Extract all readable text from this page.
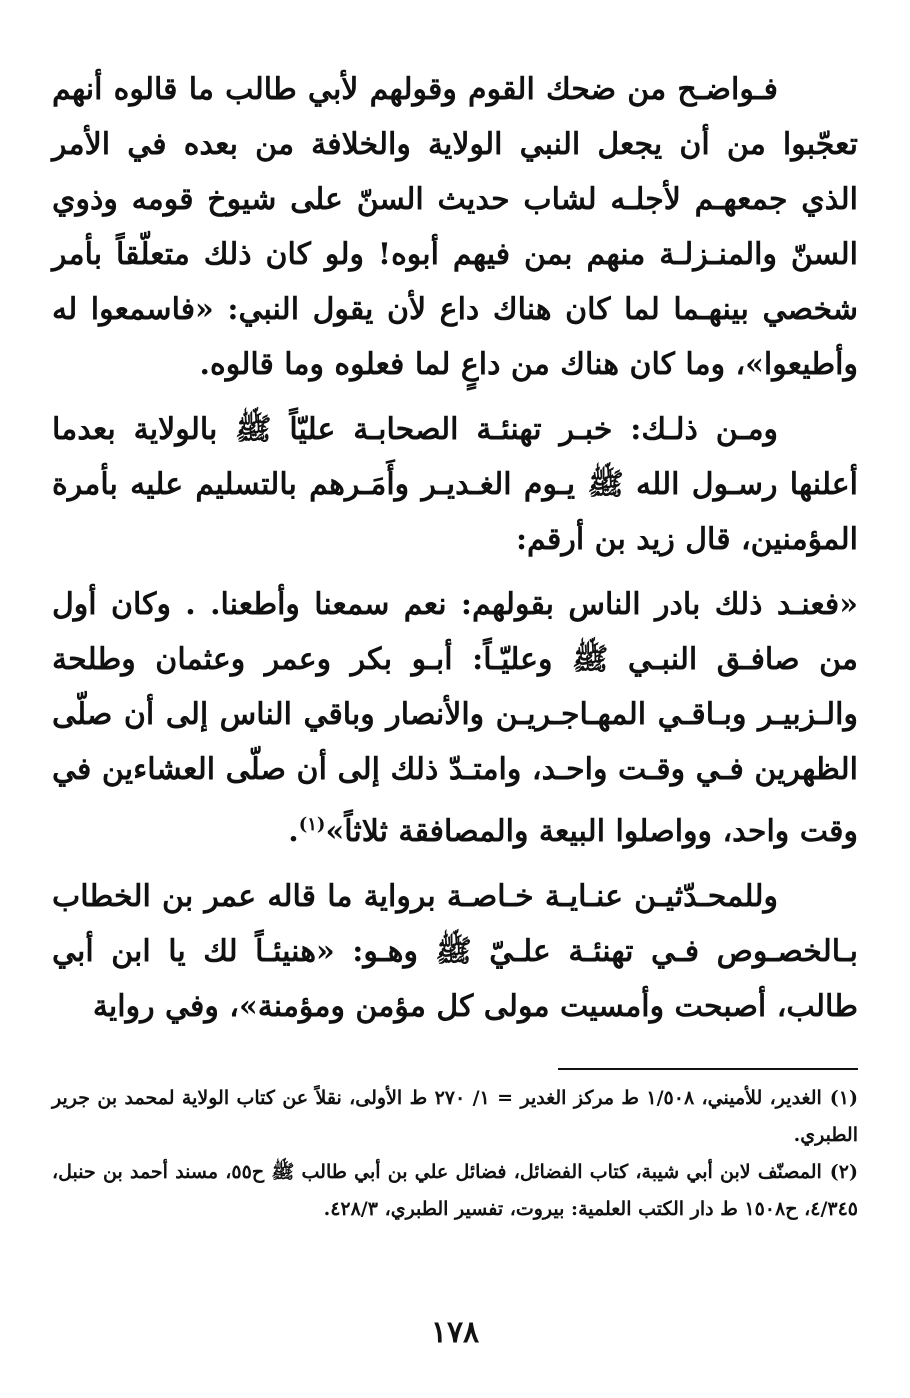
فـواضـح من ضحك القوم وقولهم لأبي طالب ما قالوه أنهم تعجّبوا من أن يجعل النبي الولاية والخلافة من بعده في الأمر الذي جمعهـم لأجلـه لشاب حديث السنّ على شيوخ قومه وذوي السنّ والمنـزلـة منهم بمن فيهم أبوه! ولو كان ذلك متعلّقاً بأمر شخصي بينهـما لما كان هناك داع لأن يقول النبي: «فاسمعوا له وأطيعوا»، وما كان هناك من داعٍ لما فعلوه وما قالوه.

ومـن ذلـك: خبـر تهنئـة الصحابـة عليّاً ﷺ بالولاية بعدما أعلنها رسـول الله ﷺ يـوم الغـديـر وأَمَـرهم بالتسليم عليه بأمرة المؤمنين، قال زيد بن أرقم:

«فعنـد ذلك بادر الناس بقولهم: نعم سمعنا وأطعنا. . وكان أول من صافـق النبـي ﷺ وعليّـاً: أبـو بكر وعمر وعثمان وطلحة والـزبيـر وبـاقـي المهـاجـريـن والأنصار وباقي الناس إلى أن صلّى الظهرين فـي وقـت واحـد، وامتـدّ ذلك إلى أن صلّى العشاءين في وقت واحد، وواصلوا البيعة والمصافقة ثلاثاً»$^{(١)}$.

وللمحـدّثيـن عنـايـة خـاصـة برواية ما قاله عمر بن الخطاب بـالخصـوص فـي تهنئـة علـيّ ﷺ وهـو: «هنيئـاً لك يا ابن أبي طالب، أصبحت وأمسيت مولى كل مؤمن ومؤمنة»، وفي رواية

(١)الغدير، للأميني، ١/٥٠٨ ط مركز الغدير = ١/ ٢٧٠ ط الأولى، نقلاً عن كتاب الولاية لمحمد بن جرير الطبري.

(٢)المصنّف لابن أبي شيبة، كتاب الفضائل، فضائل علي بن أبي طالب ﷺ ح٥٥، مسند أحمد بن حنبل، ٤/٣٤٥، ح١٥٠٨ ط دار الكتب العلمية: بيروت، تفسير الطبري، ٤٢٨/٣.

١٧٨
